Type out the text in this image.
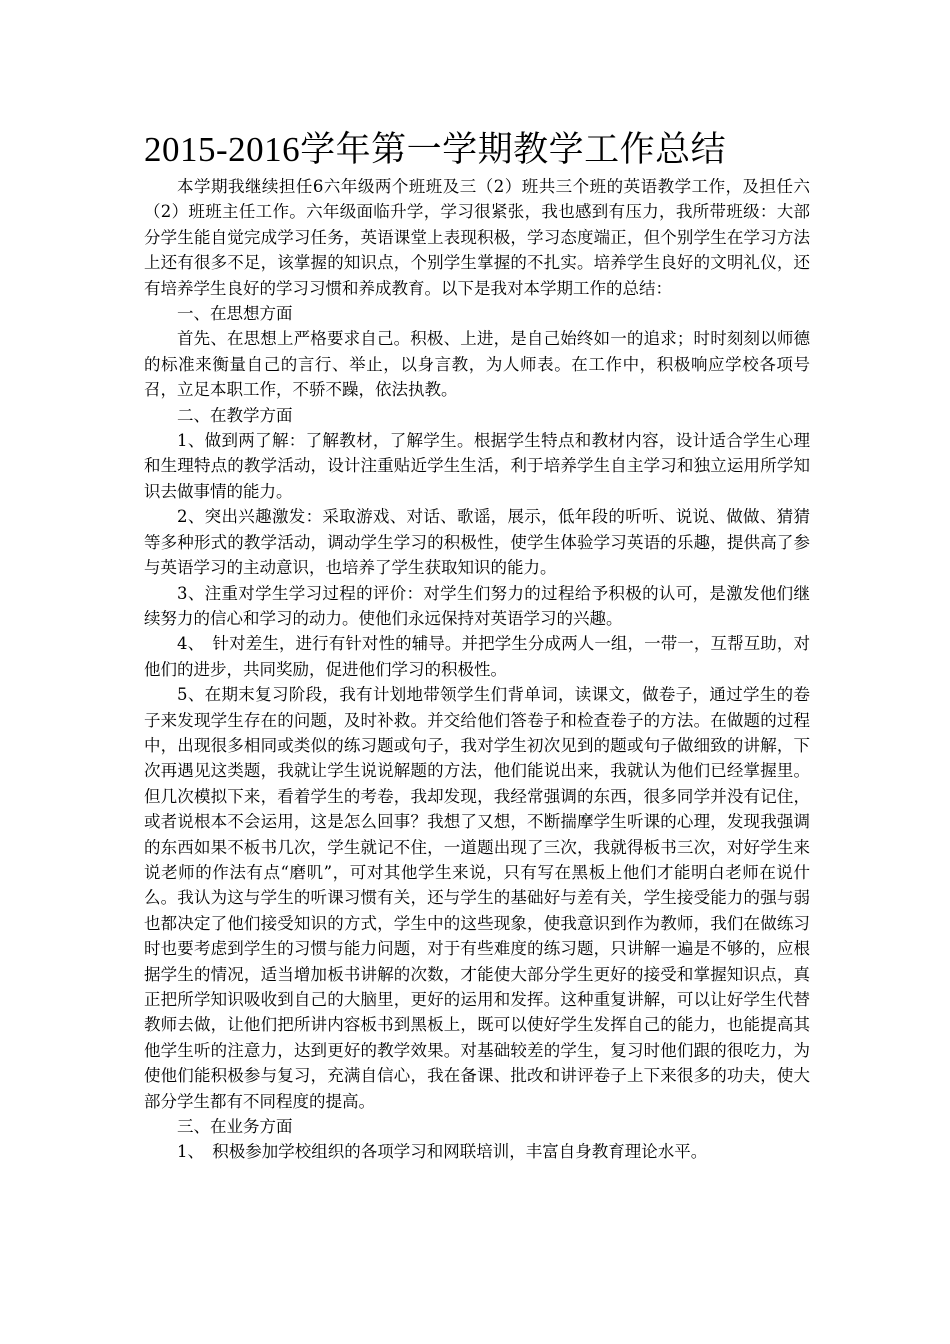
2015-2016学年第一学期教学工作总结

本学期我继续担任6六年级两个班班及三（2）班共三个班的英语教学工作，及担任六（2）班班主任工作。六年级面临升学，学习很紧张，我也感到有压力，我所带班级：大部分学生能自觉完成学习任务，英语课堂上表现积极，学习态度端正，但个别学生在学习方法上还有很多不足，该掌握的知识点，个别学生掌握的不扎实。培养学生良好的文明礼仪，还有培养学生良好的学习习惯和养成教育。以下是我对本学期工作的总结：

一、在思想方面

首先、在思想上严格要求自己。积极、上进，是自己始终如一的追求；时时刻刻以师德的标准来衡量自己的言行、举止，以身言教，为人师表。在工作中，积极响应学校各项号召，立足本职工作，不骄不躁，依法执教。

二、在教学方面

1、做到两了解：了解教材，了解学生。根据学生特点和教材内容，设计适合学生心理和生理特点的教学活动，设计注重贴近学生生活，利于培养学生自主学习和独立运用所学知识去做事情的能力。

2、突出兴趣激发：采取游戏、对话、歌谣，展示，低年段的听听、说说、做做、猜猜等多种形式的教学活动，调动学生学习的积极性，使学生体验学习英语的乐趣，提供高了参与英语学习的主动意识，也培养了学生获取知识的能力。

3、注重对学生学习过程的评价：对学生们努力的过程给予积极的认可，是激发他们继续努力的信心和学习的动力。使他们永远保持对英语学习的兴趣。

4、　针对差生，进行有针对性的辅导。并把学生分成两人一组，一带一，互帮互助，对他们的进步，共同奖励，促进他们学习的积极性。

5、在期末复习阶段，我有计划地带领学生们背单词，读课文，做卷子，通过学生的卷子来发现学生存在的问题，及时补救。并交给他们答卷子和检查卷子的方法。在做题的过程中，出现很多相同或类似的练习题或句子，我对学生初次见到的题或句子做细致的讲解，下次再遇见这类题，我就让学生说说解题的方法，他们能说出来，我就认为他们已经掌握里。但几次模拟下来，看着学生的考卷，我却发现，我经常强调的东西，很多同学并没有记住，或者说根本不会运用，这是怎么回事？我想了又想，不断揣摩学生听课的心理，发现我强调的东西如果不板书几次，学生就记不住，一道题出现了三次，我就得板书三次，对好学生来说老师的作法有点“磨叽”，可对其他学生来说，只有写在黑板上他们才能明白老师在说什么。我认为这与学生的听课习惯有关，还与学生的基础好与差有关，学生接受能力的强与弱也都决定了他们接受知识的方式，学生中的这些现象，使我意识到作为教师，我们在做练习时也要考虑到学生的习惯与能力问题，对于有些难度的练习题，只讲解一遍是不够的，应根据学生的情况，适当增加板书讲解的次数，才能使大部分学生更好的接受和掌握知识点，真正把所学知识吸收到自己的大脑里，更好的运用和发挥。这种重复讲解，可以让好学生代替教师去做，让他们把所讲内容板书到黑板上，既可以使好学生发挥自己的能力，也能提高其他学生听的注意力，达到更好的教学效果。对基础较差的学生，复习时他们跟的很吃力，为使他们能积极参与复习，充满自信心，我在备课、批改和讲评卷子上下来很多的功夫，使大部分学生都有不同程度的提高。

三、在业务方面

1、　积极参加学校组织的各项学习和网联培训，丰富自身教育理论水平。
